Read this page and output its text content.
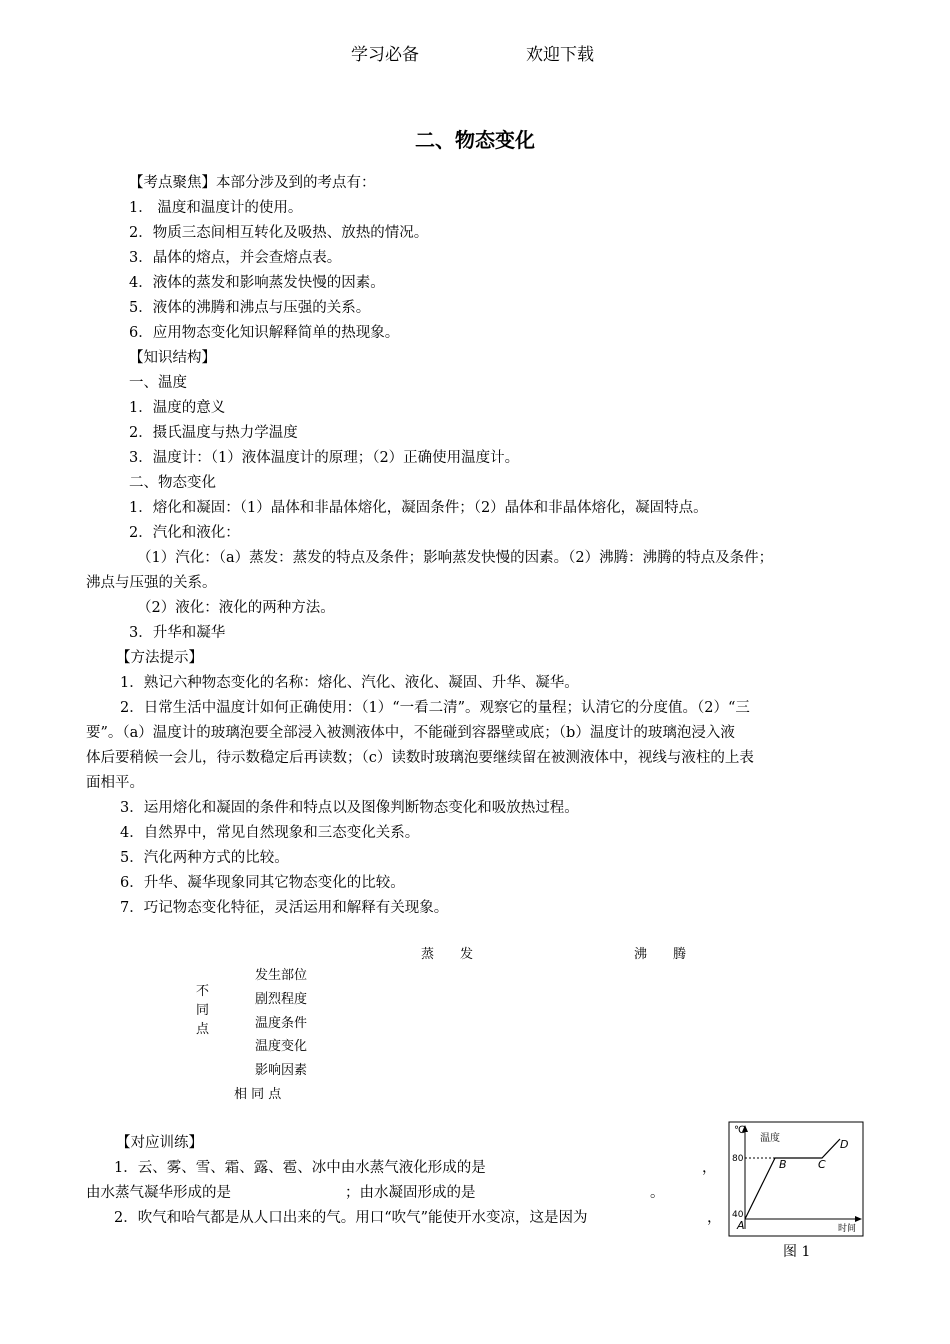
学习必备	欢迎下载
二、物态变化
【考点聚焦】本部分涉及到的考点有：
1． 温度和温度计的使用。
2．物质三态间相互转化及吸热、放热的情况。
3．晶体的熔点，并会查熔点表。
4．液体的蒸发和影响蒸发快慢的因素。
5．液体的沸腾和沸点与压强的关系。
6．应用物态变化知识解释简单的热现象。
【知识结构】
一、温度
1．温度的意义
2．摄氏温度与热力学温度
3．温度计：（1）液体温度计的原理；（2）正确使用温度计。
二、物态变化
1．熔化和凝固：（1）晶体和非晶体熔化，凝固条件；（2）晶体和非晶体熔化，凝固特点。
2．汽化和液化：
（1）汽化：（a）蒸发：蒸发的特点及条件；影响蒸发快慢的因素。（2）沸腾：沸腾的特点及条件；
沸点与压强的关系。
（2）液化：液化的两种方法。
3．升华和凝华
【方法提示】
1．熟记六种物态变化的名称：熔化、汽化、液化、凝固、升华、凝华。
2．日常生活中温度计如何正确使用：（1）“一看二清”。观察它的量程；认清它的分度值。（2）“三
要”。（a）温度计的玻璃泡要全部浸入被测液体中，不能碰到容器壁或底；（b）温度计的玻璃泡浸入液
体后要稍候一会儿，待示数稳定后再读数；（c）读数时玻璃泡要继续留在被测液体中，视线与液柱的上表
面相平。
3．运用熔化和凝固的条件和特点以及图像判断物态变化和吸放热过程。
4．自然界中，常见自然现象和三态变化关系。
5．汽化两种方式的比较。
6．升华、凝华现象同其它物态变化的比较。
7．巧记物态变化特征，灵活运用和解释有关现象。
蒸　　发	沸　　腾
不
同
点
发生部位
剧烈程度
温度条件
温度变化
影响因素
相 同 点
【对应训练】
1．云、雾、雪、霜、露、雹、冰中由水蒸气液化形成的是	，
由水蒸气凝华形成的是	；由水凝固形成的是	。
2．吹气和哈气都是从人口出来的气。用口“吹气”能使开水变凉，这是因为	，
℃
温度
80
40
A
B	C
D
时间
图 1
